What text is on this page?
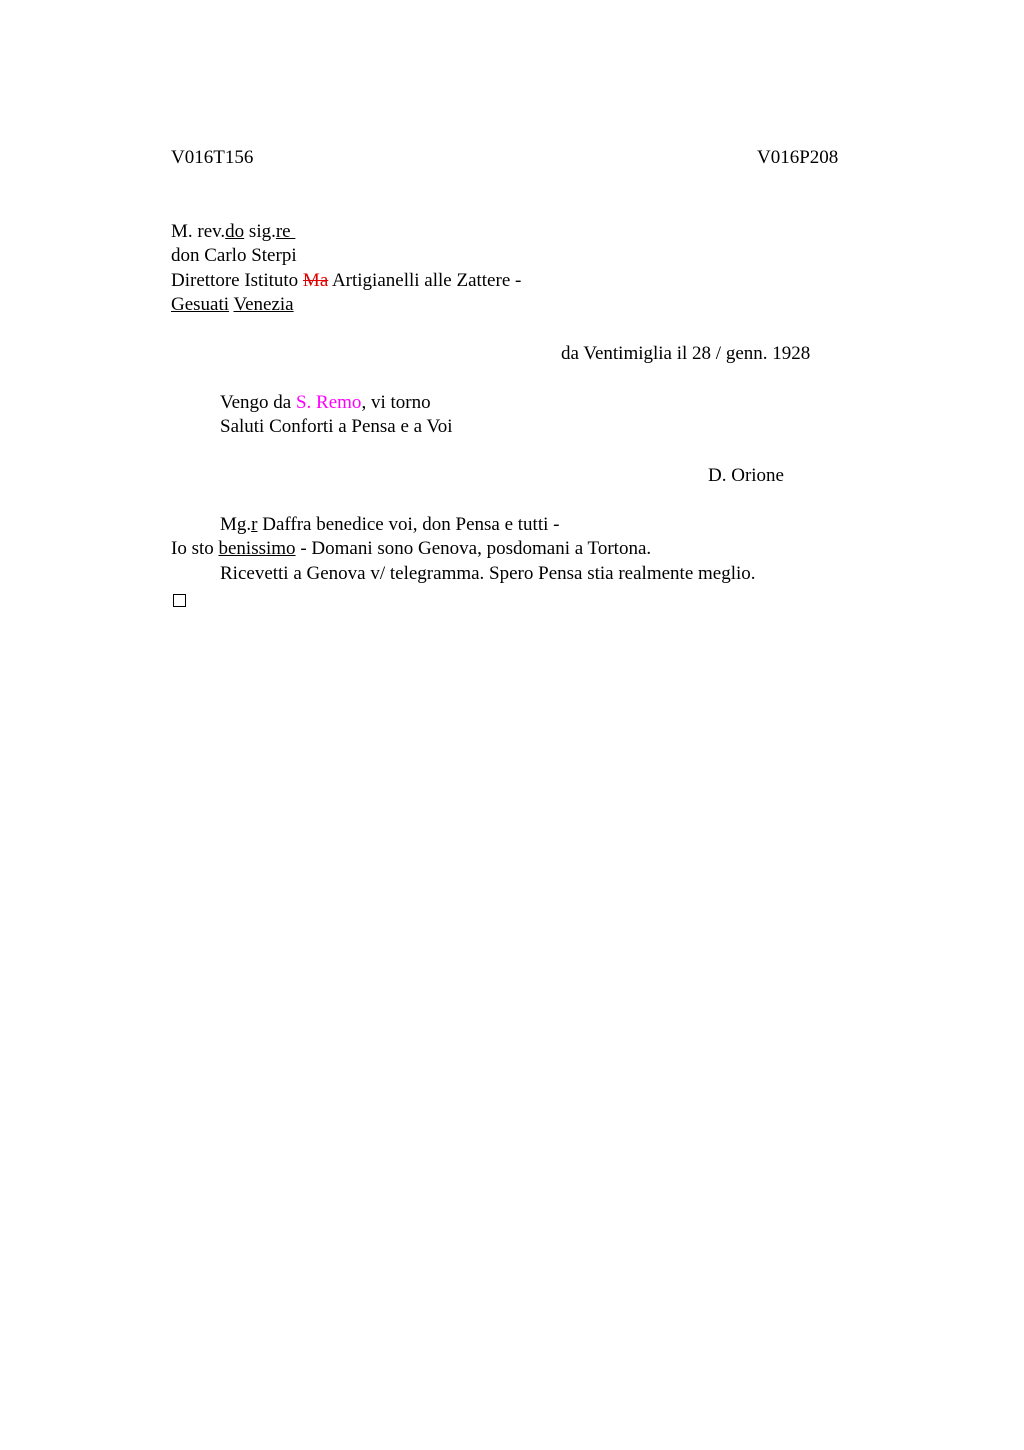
V016T156	V016P208
M. rev.do sig.re
don Carlo Sterpi
Direttore Istituto Ma Artigianelli alle Zattere -
Gesuati Venezia
da Ventimiglia il 28 / genn. 1928
Vengo da S. Remo, vi torno
Saluti Conforti a Pensa e a Voi
D. Orione
Mg.r Daffra benedice voi, don Pensa e tutti -
Io sto benissimo - Domani sono Genova, posdomani a Tortona.
Ricevetti a Genova v/ telegramma. Spero Pensa stia realmente meglio.
